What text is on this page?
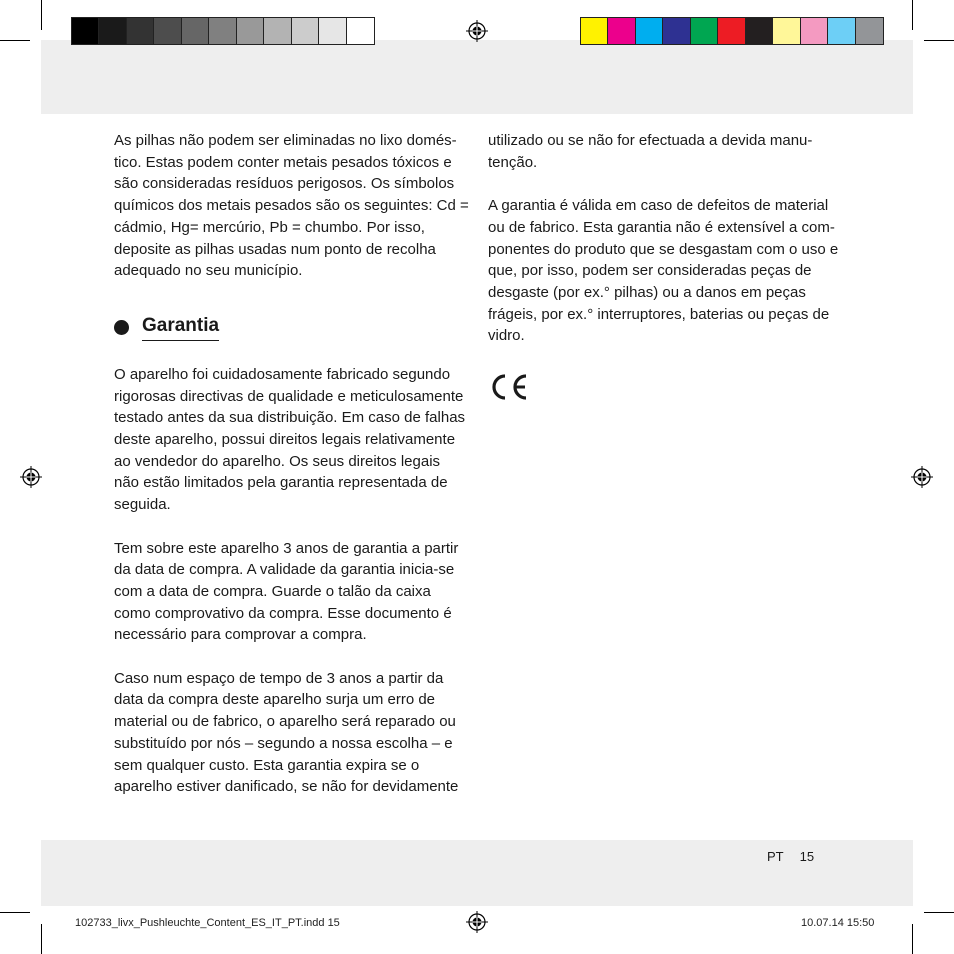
As pilhas não podem ser eliminadas no lixo domés-tico. Estas podem conter metais pesados tóxicos e são consideradas resíduos perigosos. Os símbolos químicos dos metais pesados são os seguintes: Cd = cádmio, Hg= mercúrio, Pb = chumbo. Por isso, deposite as pilhas usadas num ponto de recolha adequado no seu município.

Garantia

O aparelho foi cuidadosamente fabricado segundo rigorosas directivas de qualidade e meticulosamente testado antes da sua distribuição. Em caso de falhas deste aparelho, possui direitos legais relativamente ao vendedor do aparelho. Os seus direitos legais não estão limitados pela garantia representada de seguida.

Tem sobre este aparelho 3 anos de garantia a partir da data de compra. A validade da garantia inicia-se com a data de compra. Guarde o talão da caixa como comprovativo da compra. Esse documento é necessário para comprovar a compra.

Caso num espaço de tempo de 3 anos a partir da data da compra deste aparelho surja um erro de material ou de fabrico, o aparelho será reparado ou substituído por nós – segundo a nossa escolha – e sem qualquer custo. Esta garantia expira se o aparelho estiver danificado, se não for devidamente

utilizado ou se não for efectuada a devida manu-tenção.

A garantia é válida em caso de defeitos de material ou de fabrico. Esta garantia não é extensível a com-ponentes do produto que se desgastam com o uso e que, por isso, podem ser consideradas peças de desgaste (por ex.° pilhas) ou a danos em peças frágeis, por ex.° interruptores, baterias ou peças de vidro.

PT 15
102733_livx_Pushleuchte_Content_ES_IT_PT.indd 15	10.07.14 15:50
